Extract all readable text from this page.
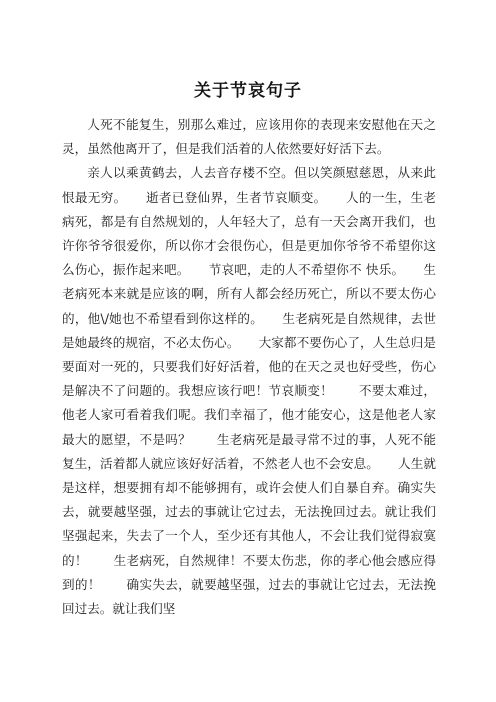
关于节哀句子

人死不能复生，别那么难过，应该用你的表现来安慰他在天之灵，虽然他离开了，但是我们活着的人依然要好好活下去。

亲人以乘黄鹤去，人去音存楼不空。但以笑颜慰慈恩，从来此恨最无穷。　　逝者已登仙界，生者节哀顺变。　　人的一生，生老病死，都是有自然规划的，人年轻大了，总有一天会离开我们，也许你爷爷很爱你，所以你才会很伤心，但是更加你爷爷不希望你这么伤心，振作起来吧。　　节哀吧，走的人不希望你不 快乐。　　生老病死本来就是应该的啊，所有人都会经历死亡，所以不要太伤心的，他\/她也不希望看到你这样的。　　生老病死是自然规律，去世是她最终的规宿，不必太伤心。　　大家都不要伤心了，人生总归是要面对一死的，只要我们好好活着，他的在天之灵也好受些，伤心是解决不了问题的。我想应该行吧！节哀顺变！　　不要太难过，他老人家可看着我们呢。我们幸福了，他才能安心，这是他老人家最大的愿望，不是吗？　　生老病死是最寻常不过的事，人死不能复生，活着都人就应该好好活着，不然老人也不会安息。　　人生就是这样，想要拥有却不能够拥有，或许会使人们自暴自弃。确实失去，就要越坚强，过去的事就让它过去，无法挽回过去。就让我们坚强起来，失去了一个人，至少还有其他人，不会让我们觉得寂寞的！　　生老病死，自然规律！不要太伤悲，你的孝心他会感应得到的！　　确实失去，就要越坚强，过去的事就让它过去，无法挽回过去。就让我们坚
